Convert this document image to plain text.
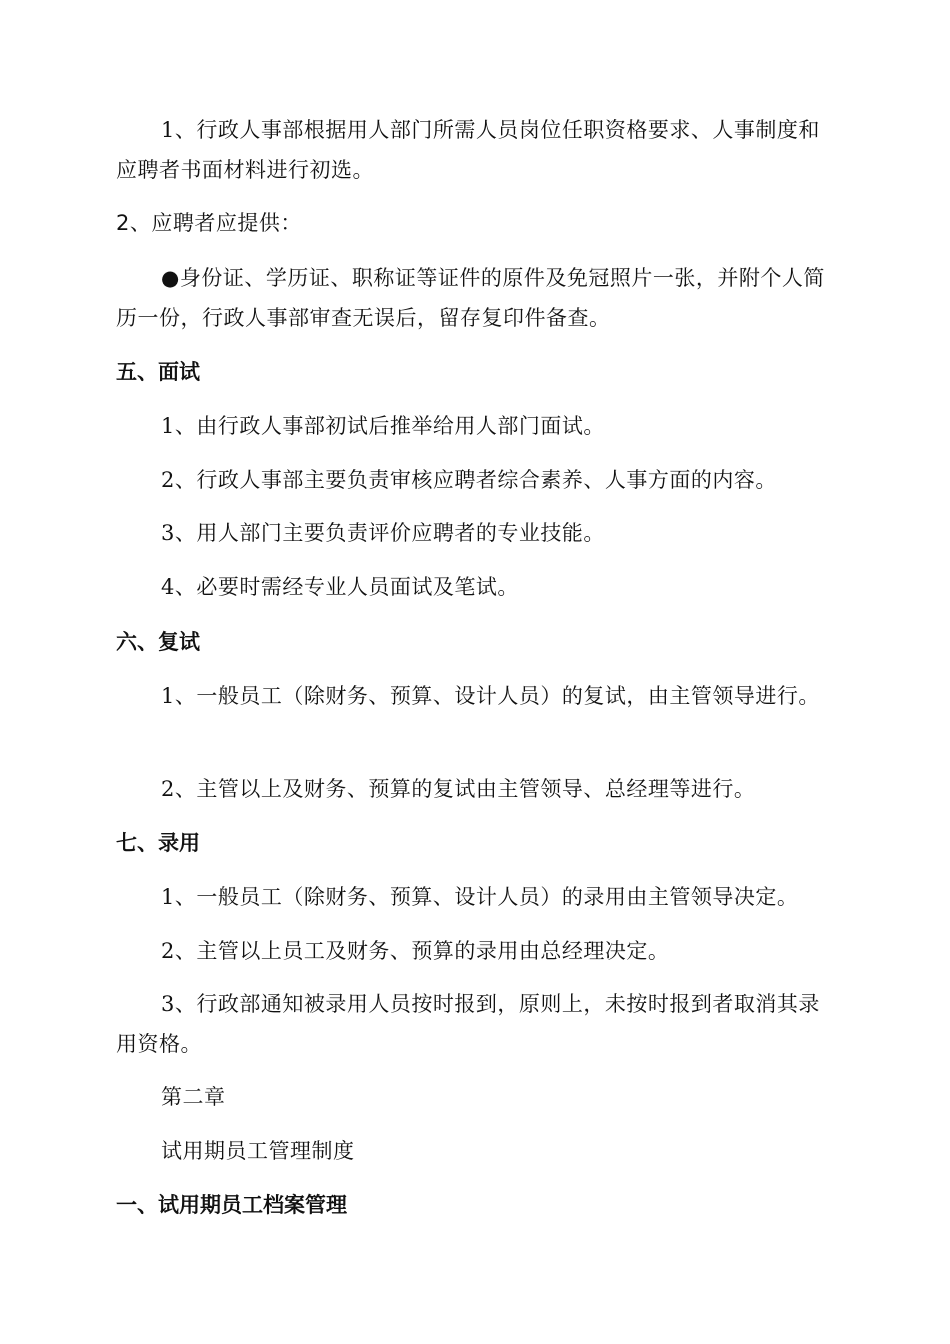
1、行政人事部根据用人部门所需人员岗位任职资格要求、人事制度和应聘者书面材料进行初选。
2、应聘者应提供：
●身份证、学历证、职称证等证件的原件及免冠照片一张，并附个人简历一份，行政人事部审查无误后，留存复印件备查。
五、面试
1、由行政人事部初试后推举给用人部门面试。
2、行政人事部主要负责审核应聘者综合素养、人事方面的内容。
3、用人部门主要负责评价应聘者的专业技能。
4、必要时需经专业人员面试及笔试。
六、复试
1、一般员工（除财务、预算、设计人员）的复试，由主管领导进行。
2、主管以上及财务、预算的复试由主管领导、总经理等进行。
七、录用
1、一般员工（除财务、预算、设计人员）的录用由主管领导决定。
2、主管以上员工及财务、预算的录用由总经理决定。
3、行政部通知被录用人员按时报到，原则上，未按时报到者取消其录用资格。
第二章
试用期员工管理制度
一、试用期员工档案管理
